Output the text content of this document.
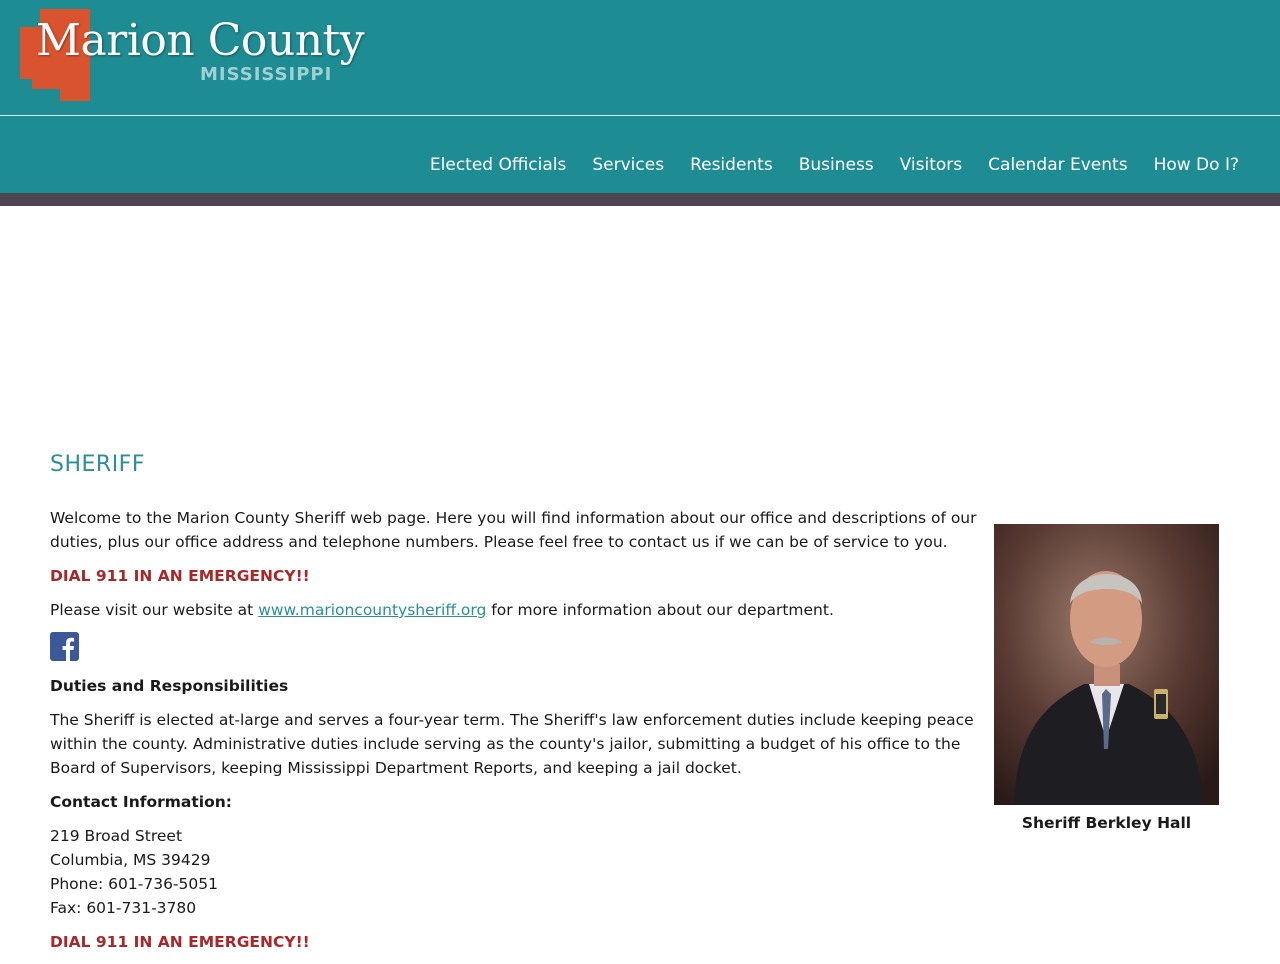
Marion County
MISSISSIPPI
Elected Officials Services Residents Business Visitors Calendar Events How Do I?
SHERIFF

Welcome to the Marion County Sheriff web page. Here you will find information about our office and descriptions of our duties, plus our office address and telephone numbers. Please feel free to contact us if we can be of service to you.

DIAL 911 IN AN EMERGENCY!!

Please visit our website at www.marioncountysheriff.org for more information about our department.

Duties and Responsibilities

The Sheriff is elected at-large and serves a four-year term. The Sheriff's law enforcement duties include keeping peace within the county. Administrative duties include serving as the county's jailor, submitting a budget of his office to the Board of Supervisors, keeping Mississippi Department Reports, and keeping a jail docket.

Contact Information:

219 Broad Street
Columbia, MS 39429
Phone: 601-736-5051
Fax: 601-731-3780

DIAL 911 IN AN EMERGENCY!!

Sheriff Berkley Hall
